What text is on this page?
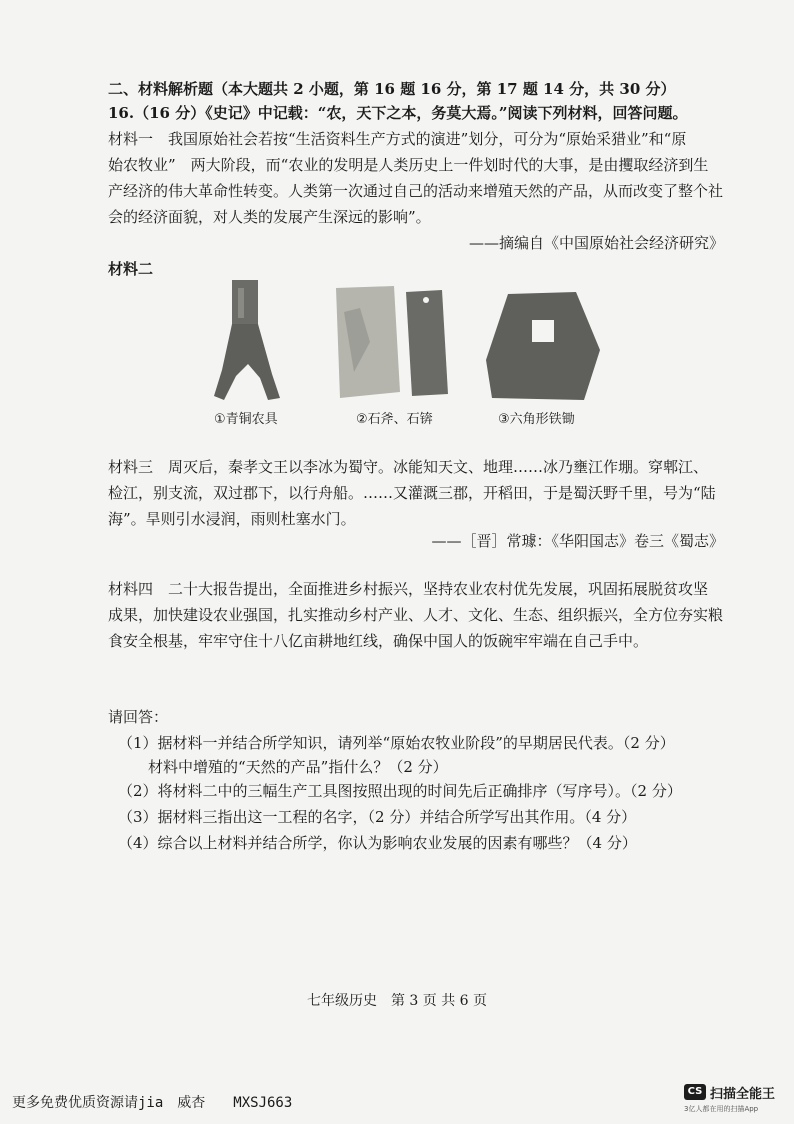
二、材料解析题（本大题共 2 小题，第 16 题 16 分，第 17 题 14 分，共 30 分）
16.（16 分）《史记》中记载：“农，天下之本，务莫大焉。”阅读下列材料，回答问题。
材料一　我国原始社会若按“生活资料生产方式的演进”划分，可分为“原始采猎业”和“原
始农牧业”　两大阶段，而“农业的发明是人类历史上一件划时代的大事，是由攫取经济到生
产经济的伟大革命性转变。人类第一次通过自己的活动来增殖天然的产品，从而改变了整个社
会的经济面貌，对人类的发展产生深远的影响”。
——摘编自《中国原始社会经济研究》
材料二
①青铜农具	②石斧、石锛	③六角形铁锄
材料三　周灭后，秦孝文王以李冰为蜀守。冰能知天文、地理……冰乃壅江作堋。穿郫江、
检江，别支流，双过郡下，以行舟船。……又灌溉三郡，开稻田，于是蜀沃野千里，号为“陆
海”。旱则引水浸润，雨则杜塞水门。
——［晋］常璩：《华阳国志》卷三《蜀志》
材料四　二十大报告提出，全面推进乡村振兴，坚持农业农村优先发展，巩固拓展脱贫攻坚
成果，加快建设农业强国，扎实推动乡村产业、人才、文化、生态、组织振兴，全方位夯实粮
食安全根基，牢牢守住十八亿亩耕地红线，确保中国人的饭碗牢牢端在自己手中。
请回答：
（1）据材料一并结合所学知识，请列举“原始农牧业阶段”的早期居民代表。（2 分）
材料中增殖的“天然的产品”指什么？（2 分）
（2）将材料二中的三幅生产工具图按照出现的时间先后正确排序（写序号）。（2 分）
（3）据材料三指出这一工程的名字，（2 分）并结合所学写出其作用。（4 分）
（4）综合以上材料并结合所学，你认为影响农业发展的因素有哪些？（4 分）
七年级历史　第 3 页 共 6 页
更多免费优质资源请jia　威杏　　MXSJ663
CS 扫描全能王
3亿人都在用的扫描App
